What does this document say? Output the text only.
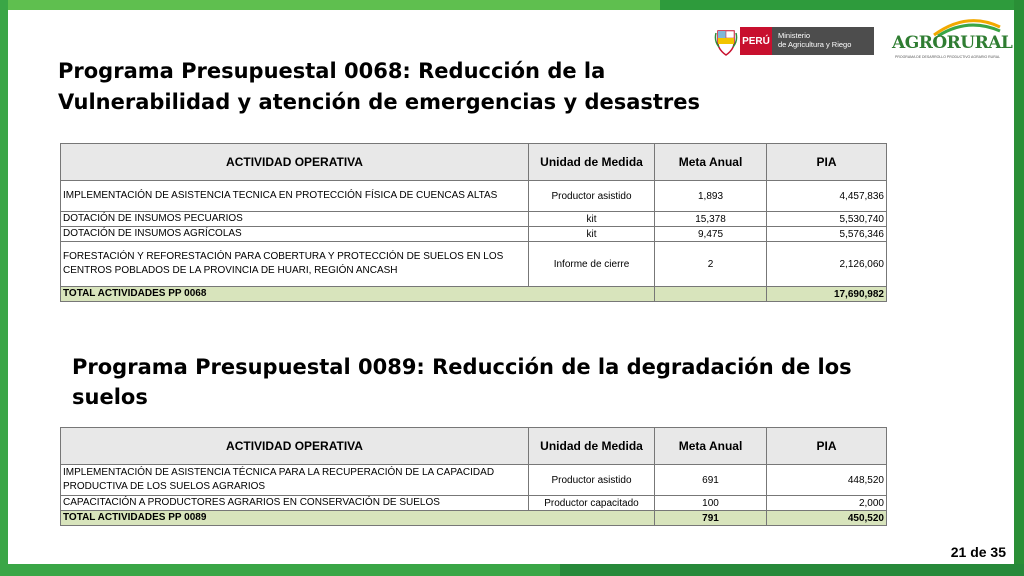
Programa Presupuestal 0068: Reducción de la Vulnerabilidad y atención de emergencias y desastres
PERÚ Ministerio
de Agricultura y Riego AGRORURAL
PROGRAMA DE DESARROLLO PRODUCTIVO AGRARIO RURAL
ACTIVIDAD OPERATIVA	Unidad de Medida	Meta Anual	PIA
IMPLEMENTACIÓN DE ASISTENCIA TECNICA EN PROTECCIÓN FÍSICA DE CUENCAS ALTAS	Productor asistido	1,893	4,457,836
DOTACIÓN DE INSUMOS PECUARIOS	kit	15,378	5,530,740
DOTACIÓN DE INSUMOS AGRÍCOLAS	kit	9,475	5,576,346
FORESTACIÓN Y REFORESTACIÓN PARA COBERTURA Y PROTECCIÓN DE SUELOS EN LOS CENTROS POBLADOS DE LA PROVINCIA DE HUARI, REGIÓN ANCASH	Informe de cierre	2	2,126,060
TOTAL ACTIVIDADES PP 0068			17,690,982
Programa Presupuestal 0089: Reducción de la degradación de los suelos
ACTIVIDAD OPERATIVA	Unidad de Medida	Meta Anual	PIA
IMPLEMENTACIÓN DE ASISTENCIA TÉCNICA PARA LA RECUPERACIÓN DE LA CAPACIDAD PRODUCTIVA DE LOS SUELOS AGRARIOS	Productor asistido	691	448,520
CAPACITACIÓN A PRODUCTORES AGRARIOS EN CONSERVACIÓN DE SUELOS	Productor capacitado	100	2,000
TOTAL ACTIVIDADES PP 0089		791	450,520
21 de 35
